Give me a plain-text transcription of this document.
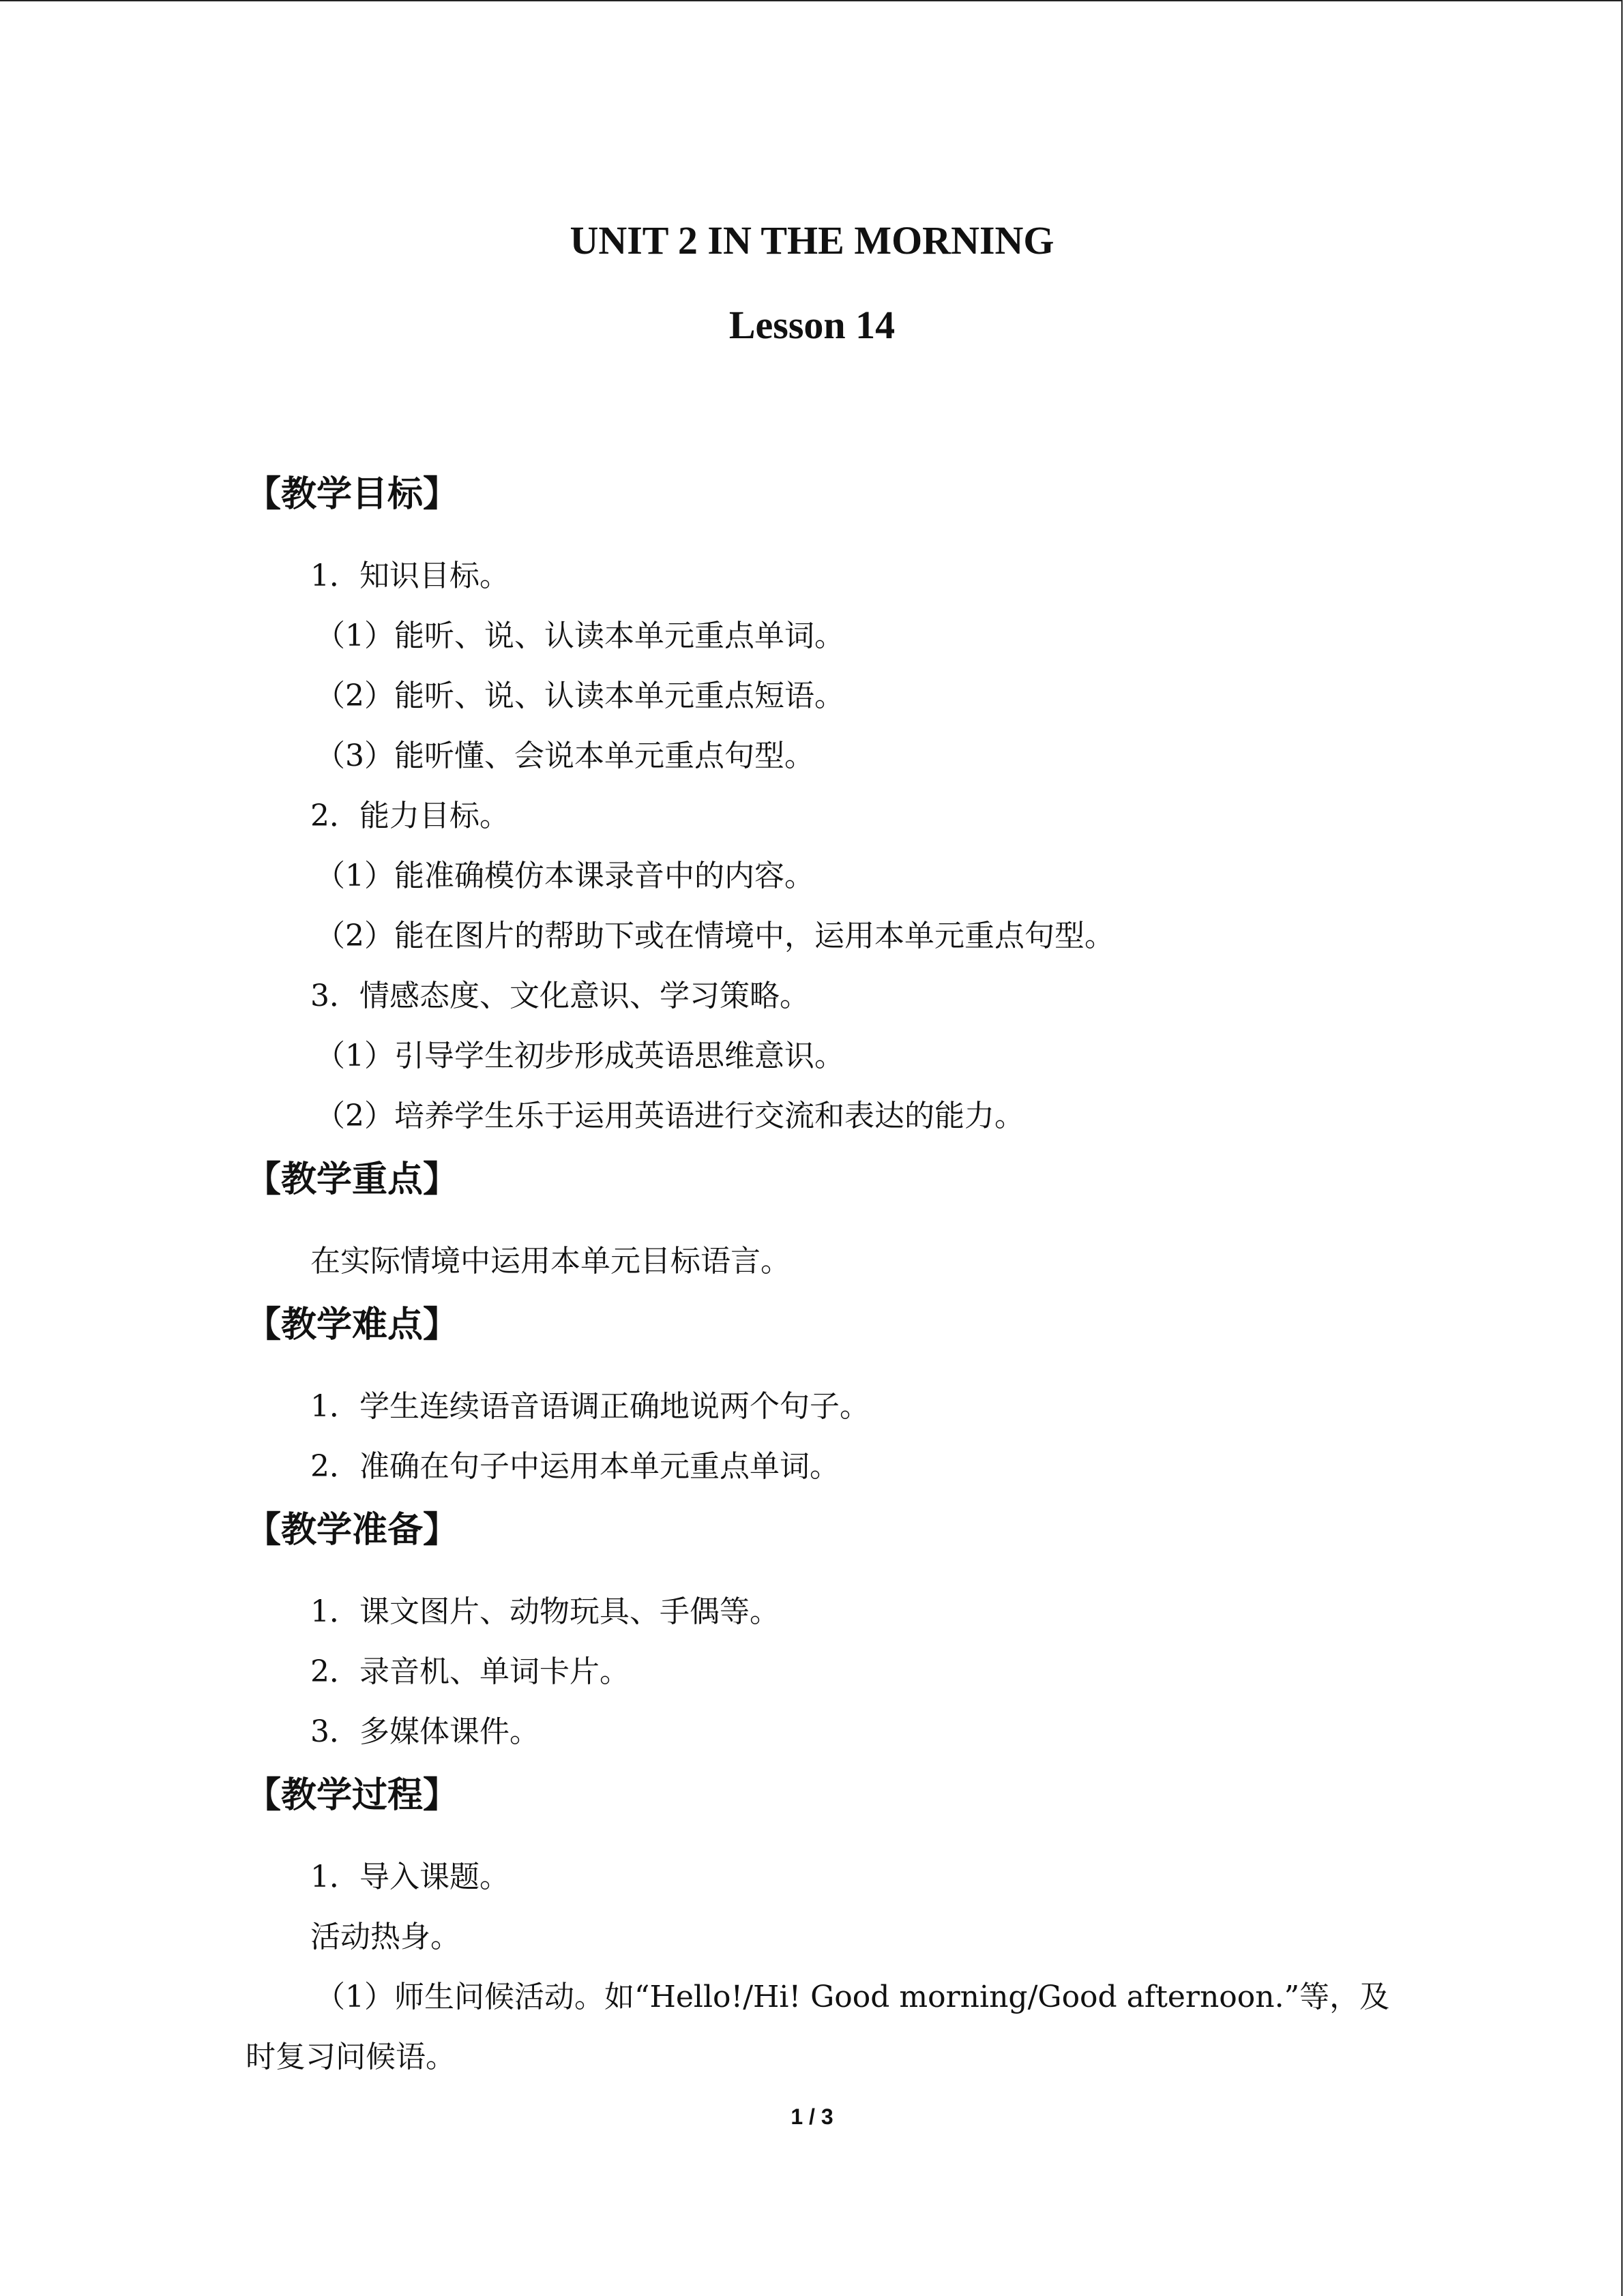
UNIT 2 IN THE MORNING
Lesson 14
【教学目标】

1．知识目标。

（1）能听、说、认读本单元重点单词。

（2）能听、说、认读本单元重点短语。

（3）能听懂、会说本单元重点句型。

2．能力目标。

（1）能准确模仿本课录音中的内容。

（2）能在图片的帮助下或在情境中，运用本单元重点句型。

3．情感态度、文化意识、学习策略。

（1）引导学生初步形成英语思维意识。

（2）培养学生乐于运用英语进行交流和表达的能力。

【教学重点】

在实际情境中运用本单元目标语言。

【教学难点】

1．学生连续语音语调正确地说两个句子。

2．准确在句子中运用本单元重点单词。

【教学准备】

1．课文图片、动物玩具、手偶等。

2．录音机、单词卡片。

3．多媒体课件。

【教学过程】

1．导入课题。

活动热身。

（1）师生问候活动。如“Hello!/Hi! Good morning/Good afternoon.”等，及

时复习问候语。

1 / 3
